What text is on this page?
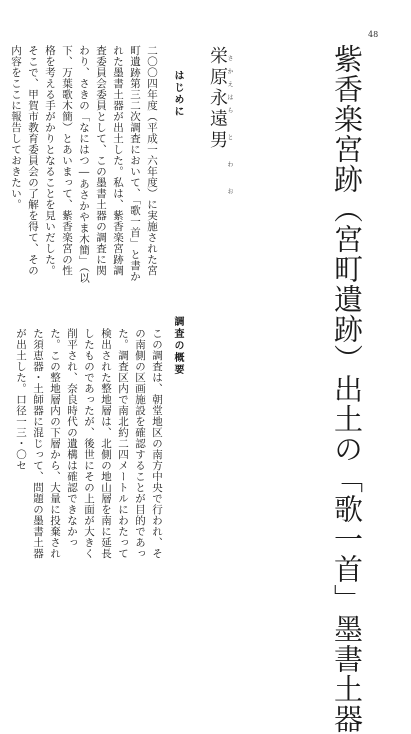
48
紫香楽宮跡（宮町遺跡）出土の「歌一首」墨書土器
さかえはら と わ お
栄原永遠男
はじめに
二〇〇四年度（平成一六年度）に実施された宮町遺跡第三二次調査において、「歌一首」と書かれた墨書土器が出土した。私は、紫香楽宮跡調査委員会委員として、この墨書土器の調査に関わり、さきの「なにはつ―あさかやま木簡」（以下、万葉歌木簡）とあいまって、紫香楽宮の性格を考える手がかりとなることを見いだした。そこで、甲賀市教育委員会の了解を得て、その内容をここに報告しておきたい。
調査の概要
この調査は、朝堂地区の南方中央で行われ、その南側の区画施設を確認することが目的であった。調査区内で南北約二四メートルにわたって検出された整地層は、北側の地山層を南に延長したものであったが、後世にその上面が大きく削平され、奈良時代の遺構は確認できなかった。この整地層内の下層から、大量に投棄された須恵器・土師器に混じって、問題の墨書土器が出土した。口径一三・〇セ
